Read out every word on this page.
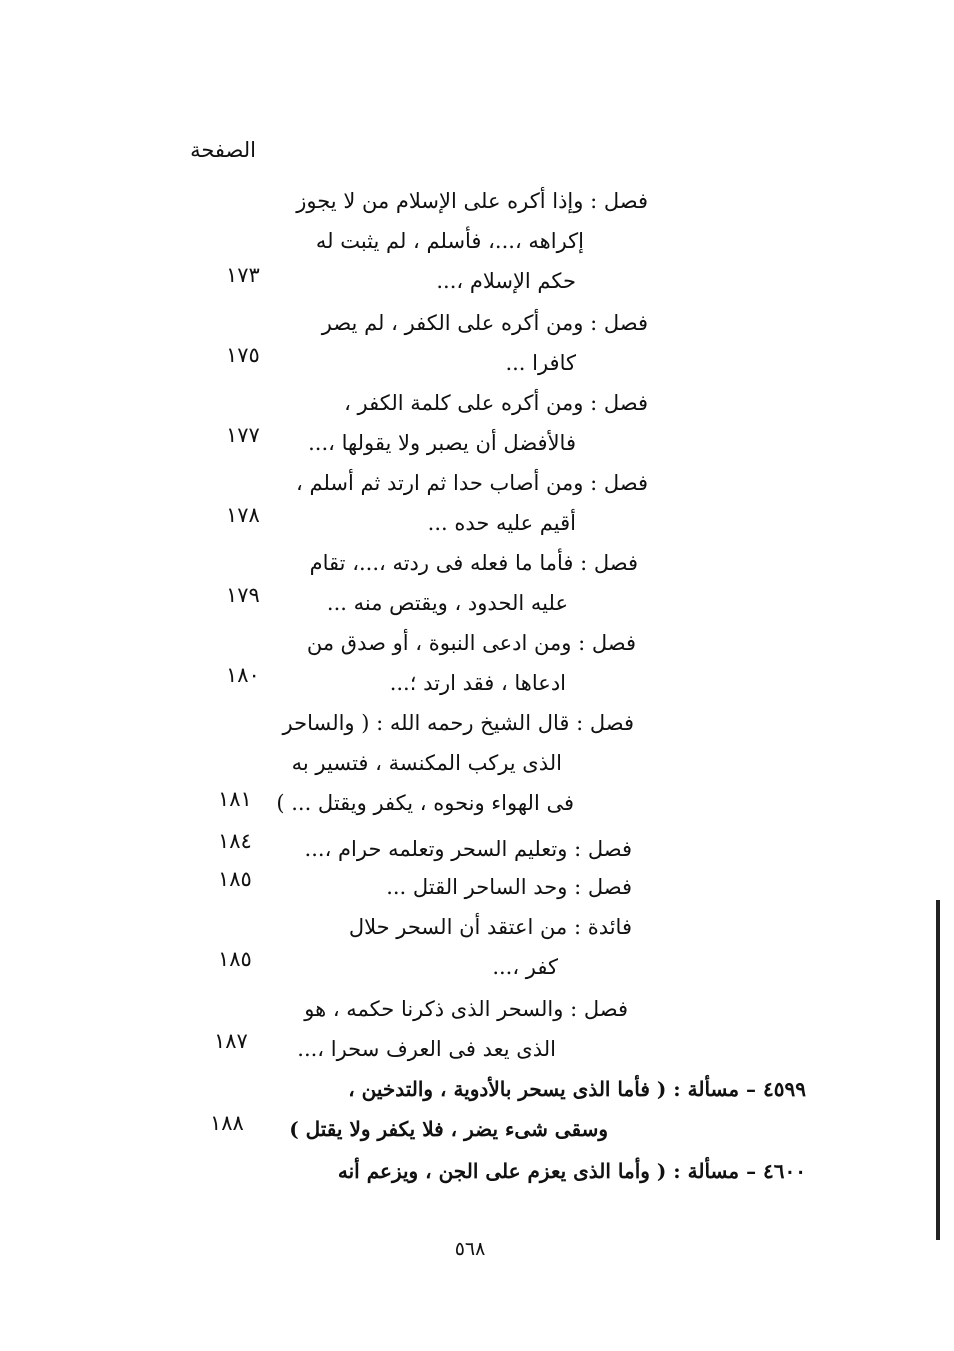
الصفحة
فصل : وإذا أكره على الإسلام من لا يجوز
إكراهه ،...، فأسلم ، لم يثبت له
حكم الإسلام ،...
١٧٣
فصل : ومن أكره على الكفر ، لم يصر
كافرا ...
١٧٥
فصل : ومن أكره على كلمة الكفر ،
فالأفضل أن يصبر ولا يقولها ،...
١٧٧
فصل : ومن أصاب حدا ثم ارتد ثم أسلم ،
أقيم عليه حده ...
١٧٨
فصل : فأما ما فعله فى ردته ،...، تقام
عليه الحدود ، ويقتص منه ...
١٧٩
فصل : ومن ادعى النبوة ، أو صدق من
ادعاها ، فقد ارتد ؛...
١٨٠
فصل : قال الشيخ رحمه الله : ( والساحر
الذى يركب المكنسة ، فتسير به
فى الهواء ونحوه ، يكفر ويقتل ... )
١٨١
فصل : وتعليم السحر وتعلمه حرام ،...
١٨٤
فصل : وحد الساحر القتل ...
١٨٥
فائدة : من اعتقد أن السحر حلال
كفر ،...
١٨٥
فصل : والسحر الذى ذكرنا حكمه ، هو
الذى يعد فى العرف سحرا ،...
١٨٧
٤٥٩٩ – مسألة : ( فأما الذى يسحر بالأدوية ، والتدخين ،
وسقى شىء يضر ، فلا يكفر ولا يقتل )
١٨٨
٤٦٠٠ – مسألة : ( وأما الذى يعزم على الجن ، ويزعم أنه
٥٦٨
